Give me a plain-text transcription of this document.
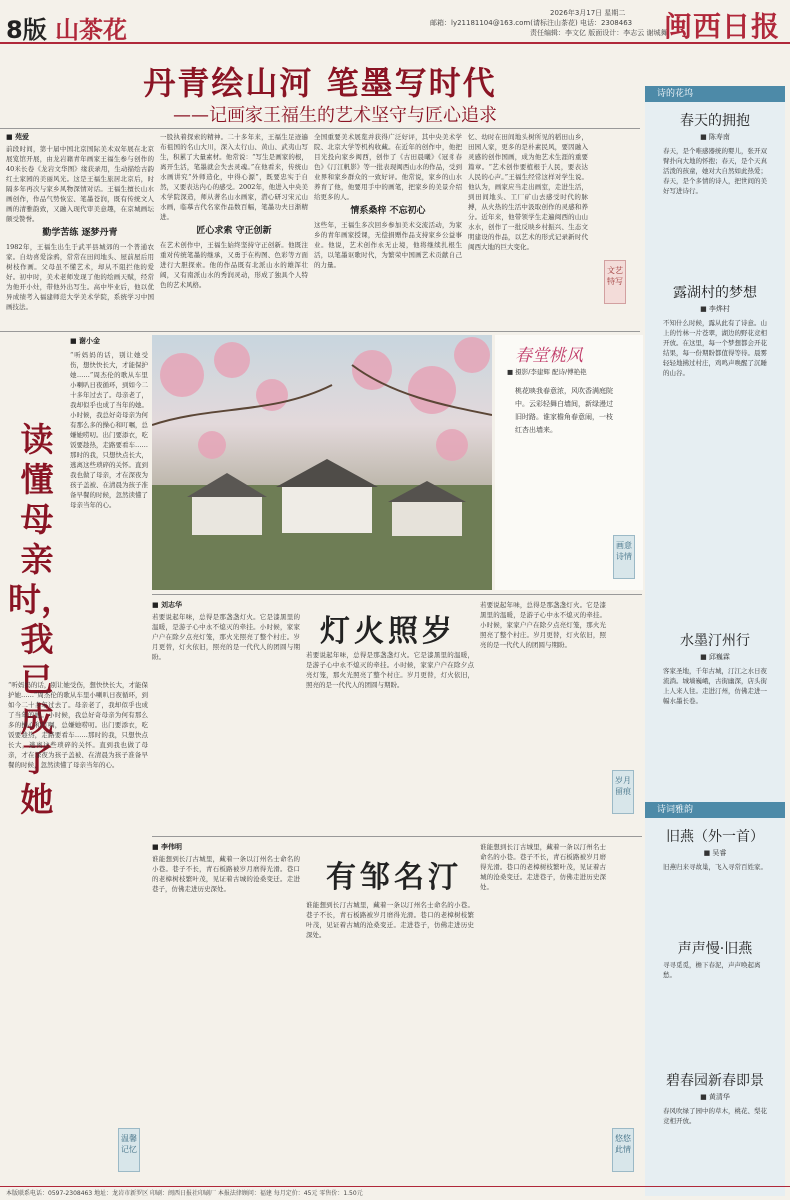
8版 山茶花
2026年3月17日 星期二
邮箱：ly21181104@163.com(请标注山茶花) 电话：2308463
责任编辑：李文亿 版面设计：李志云 谢城舞
闽西日报
丹青绘山河 笔墨写时代
——记画家王福生的艺术坚守与匠心追求
■ 苑爱
前段时间，第十届中国北京国际美术双年展在北京展览馆开展，由龙岩籍青年画家王福生参与创作的40米长卷《龙岩文华图》缘获录用，生动描绘古韵红土家园的美丽风光。这是王福生旅居北京后，时隔多年再次与家乡风物深情对话。王福生擅长山水画创作，作品气势恢宏、笔墨苍润，既有传统文人画的清雅韵致，又融入现代审美意趣，在京城画坛颇受赞誉。
勤学苦练 逐梦丹青
1982年，王福生出生于武平县城郊的一个普通农家。自幼喜爱涂鸦，常常在田间地头、屋前屋后用树枝作画。父母虽不懂艺术，却从不阻拦他的爱好。初中时，美术老师发现了他的绘画天赋，经常为他开小灶，带他外出写生。高中毕业后，他以优异成绩考入福建师范大学美术学院，系统学习中国画技法。
一股执着探索的精神。二十多年来，王福生足迹遍布祖国的名山大川，深入太行山、黄山、武夷山写生，积累了大量素材。他常说：“写生是画家的根，离开生活，笔墨就会失去灵魂。”在他看来，传统山水画讲究“外师造化，中得心源”，既要忠实于自然，又要表达内心的感受。2002年，他进入中央美术学院深造，师从著名山水画家，潜心研习宋元山水画，临摹古代名家作品数百幅，笔墨功夫日渐精进。
匠心求索 守正创新
在艺术创作中，王福生始终坚持守正创新。他既注重对传统笔墨的继承，又勇于在构图、色彩等方面进行大胆探索。他的作品既有北派山水的雄浑壮阔，又有南派山水的秀润灵动，形成了独具个人特色的艺术风格。
全国重要美术展览并获得广泛好评，其中央美术学院、北京大学等机构收藏。在近年的创作中，他把目光投向家乡闽西，创作了《古田晨曦》《冠豸春色》《汀江帆影》等一批表现闽西山水的作品，受到业界和家乡群众的一致好评。他常说，家乡的山水养育了他，他要用手中的画笔，把家乡的美景介绍给更多的人。
情系桑梓 不忘初心
这些年，王福生多次回乡参加美术交流活动，为家乡的青年画家授课，无偿捐赠作品支持家乡公益事业。他说，艺术创作永无止境，他将继续扎根生活，以笔墨讴歌时代，为繁荣中国画艺术贡献自己的力量。
忆、幼时在田间地头树所见的稻田山乡，田园人家，更多的是朴素民风，要因融入灵感的创作国画，成为他艺术生涯的重要篇章。“艺术创作要植根于人民，要表达人民的心声。”王福生经常这样对学生说。他认为，画家应当走出画室，走进生活，到田间地头、工厂矿山去感受时代的脉搏，从火热的生活中汲取创作的灵感和养分。近年来，他带领学生走遍闽西的山山水水，创作了一批反映乡村振兴、生态文明建设的作品，以艺术的形式记录新时代闽西大地的巨大变化。
文艺特写
■ 谢小金
读懂母亲时，我已成了她
“听妈妈的话，别让她受伤，想快快长大，才能保护她……”周杰伦的歌从车里小喇叭日夜循环，到如今二十多年过去了。母亲老了，我却似乎也成了当年的她。小时候，我总好奇母亲为何有那么多的操心和叮嘱，总嫌她唠叨。出门要添衣，吃饭要趁热，走路要看车……那时的我，只想快点长大，逃离这些琐碎的关怀。直到我也做了母亲，才在深夜为孩子盖被、在清晨为孩子准备早餐的时候，忽然读懂了母亲当年的心。
“听妈妈的话，别让她受伤，想快快长大，才能保护她……”周杰伦的歌从车里小喇叭日夜循环，到如今二十多年过去了。母亲老了，我却似乎也成了当年的她。小时候，我总好奇母亲为何有那么多的操心和叮嘱，总嫌她唠叨。出门要添衣，吃饭要趁热，走路要看车……那时的我，只想快点长大，逃离这些琐碎的关怀。直到我也做了母亲，才在深夜为孩子盖被、在清晨为孩子准备早餐的时候，忽然读懂了母亲当年的心。
温馨记忆
春堂桃风
■ 摄影/李建辉 配诗/傅艳艳
桃花映我春意浓，风吹香满庭院中。云彩轻舞白墙间，新绿漫过旧时路。谁家檐角春意闹，一枝红杏出墙来。
画意诗情
灯火照岁
■ 刘志华
若要说起年味，总得是那盏盏灯火。它是漆黑里的温暖，是游子心中永不熄灭的牵挂。小时候，家家户户在除夕点亮灯笼，那火光照亮了整个村庄。岁月更替，灯火依旧，照亮的是一代代人的团圆与期盼。	若要说起年味，总得是那盏盏灯火。它是漆黑里的温暖，是游子心中永不熄灭的牵挂。小时候，家家户户在除夕点亮灯笼，那火光照亮了整个村庄。岁月更替，灯火依旧，照亮的是一代代人的团圆与期盼。
若要说起年味，总得是那盏盏灯火。它是漆黑里的温暖，是游子心中永不熄灭的牵挂。小时候，家家户户在除夕点亮灯笼，那火光照亮了整个村庄。岁月更替，灯火依旧，照亮的是一代代人的团圆与期盼。
岁月留痕
有邹名汀
■ 李伟明
谁能想到长汀古城里，藏着一条以汀州名士命名的小巷。巷子不长，青石板路被岁月磨得光滑。巷口的老樟树枝繁叶茂，见证着古城的沧桑变迁。走进巷子，仿佛走进历史深处。
谁能想到长汀古城里，藏着一条以汀州名士命名的小巷。巷子不长，青石板路被岁月磨得光滑。巷口的老樟树枝繁叶茂，见证着古城的沧桑变迁。走进巷子，仿佛走进历史深处。
谁能想到长汀古城里，藏着一条以汀州名士命名的小巷。巷子不长，青石板路被岁月磨得光滑。巷口的老樟树枝繁叶茂，见证着古城的沧桑变迁。走进巷子，仿佛走进历史深处。
悠悠此情
诗的花坞
春天的拥抱
■ 陈寿南
春天，是个唯感器统的婴儿，张开双臂扑向大地的怀抱；春天，是个天真活泼的孩童，她对大自然如此热爱；春天，是个多情的诗人，把世间的美好写进诗行。
露湖村的梦想
■ 李烨村
不知什么时候，露从此有了诗意。山上的竹林一片苍翠，湖边的野花竞相开放。在这里，每一个梦想都会开花结果，每一份期盼都值得等待。晨雾轻轻地拂过村庄，鸡鸣声唤醒了沉睡的山谷。
水墨汀州行
■ 邱巍霖
客家圣地，千年古城，汀江之水日夜流淌。城墙巍峨，古街幽深，店头街上人来人往。走进汀州，仿佛走进一幅水墨长卷。
诗词雅韵
旧燕（外一首）
■ 吴睿
旧燕归来寻故巢，飞入寻常百姓家。
声声慢·旧燕
寻寻觅觅，檐下春泥，声声唤起离愁。
碧春园新春即景
■ 黄清华
春风吹绿了园中的草木，桃花、梨花竞相开放。
本版联系电话：0597-2308463 地址：龙岩市新罗区 印刷：闽西日报社印刷厂 本报法律顾问：福建 每月定价：45元 零售价：1.50元
